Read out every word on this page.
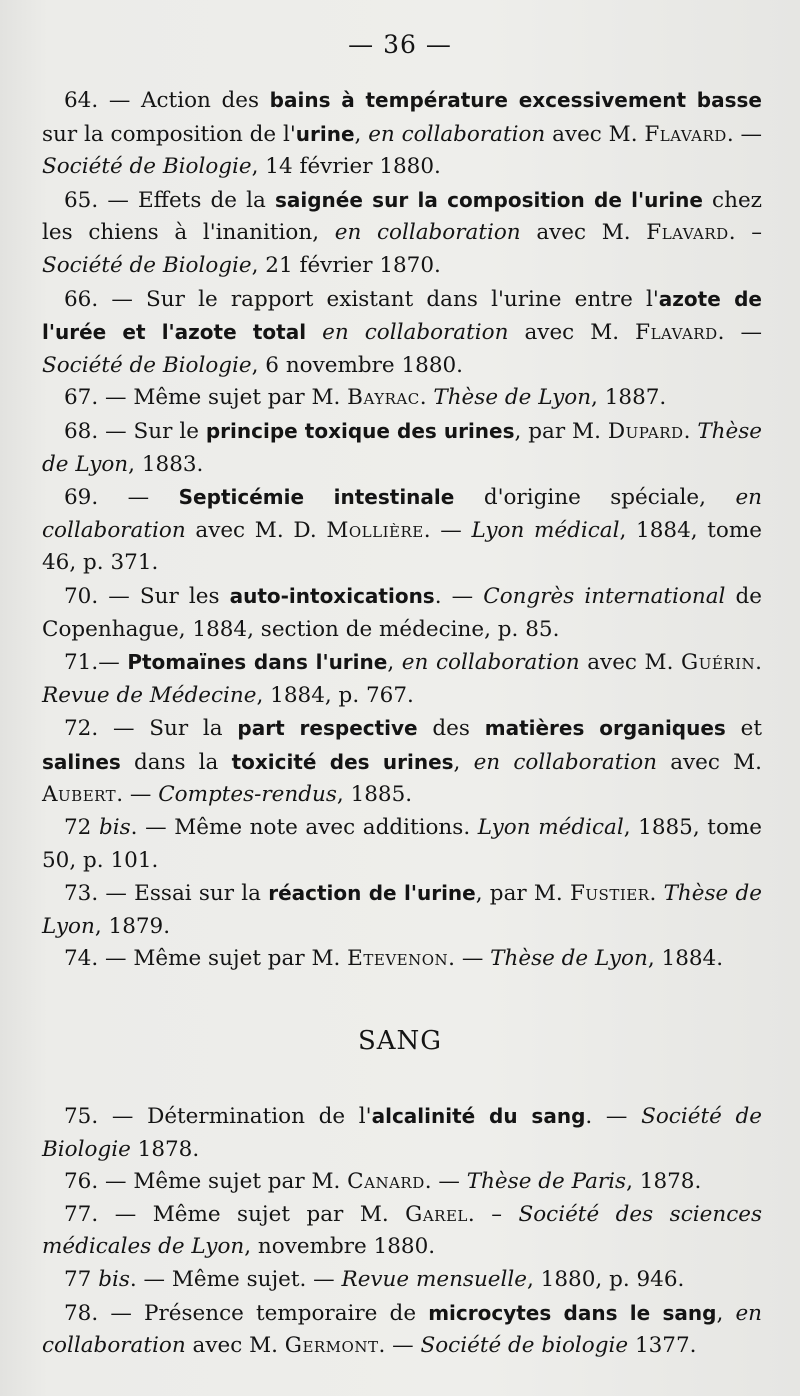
— 36 —

64. — Action des bains à température excessivement basse sur la composition de l'urine, en collaboration avec M. Flavard. — Société de Biologie, 14 février 1880.

65. — Effets de la saignée sur la composition de l'urine chez les chiens à l'inanition, en collaboration avec M. Flavard. – Société de Biologie, 21 février 1870.

66. — Sur le rapport existant dans l'urine entre l'azote de l'urée et l'azote total en collaboration avec M. Flavard. — Société de Biologie, 6 novembre 1880.

67. — Même sujet par M. Bayrac. Thèse de Lyon, 1887.

68. — Sur le principe toxique des urines, par M. Dupard. Thèse de Lyon, 1883.

69. — Septicémie intestinale d'origine spéciale, en collaboration avec M. D. Mollière. — Lyon médical, 1884, tome 46, p. 371.

70. — Sur les auto-intoxications. — Congrès international de Copenhague, 1884, section de médecine, p. 85.

71.— Ptomaïnes dans l'urine, en collaboration avec M. Guérin. Revue de Médecine, 1884, p. 767.

72. — Sur la part respective des matières organiques et salines dans la toxicité des urines, en collaboration avec M. Aubert. — Comptes-rendus, 1885.

72 bis. — Même note avec additions. Lyon médical, 1885, tome 50, p. 101.

73. — Essai sur la réaction de l'urine, par M. Fustier. Thèse de Lyon, 1879.

74. — Même sujet par M. Etevenon. — Thèse de Lyon, 1884.

SANG

75. — Détermination de l'alcalinité du sang. — Société de Biologie 1878.

76. — Même sujet par M. Canard. — Thèse de Paris, 1878.

77. — Même sujet par M. Garel. – Société des sciences médicales de Lyon, novembre 1880.

77 bis. — Même sujet. — Revue mensuelle, 1880, p. 946.

78. — Présence temporaire de microcytes dans le sang, en collaboration avec M. Germont. — Société de biologie 1377.
